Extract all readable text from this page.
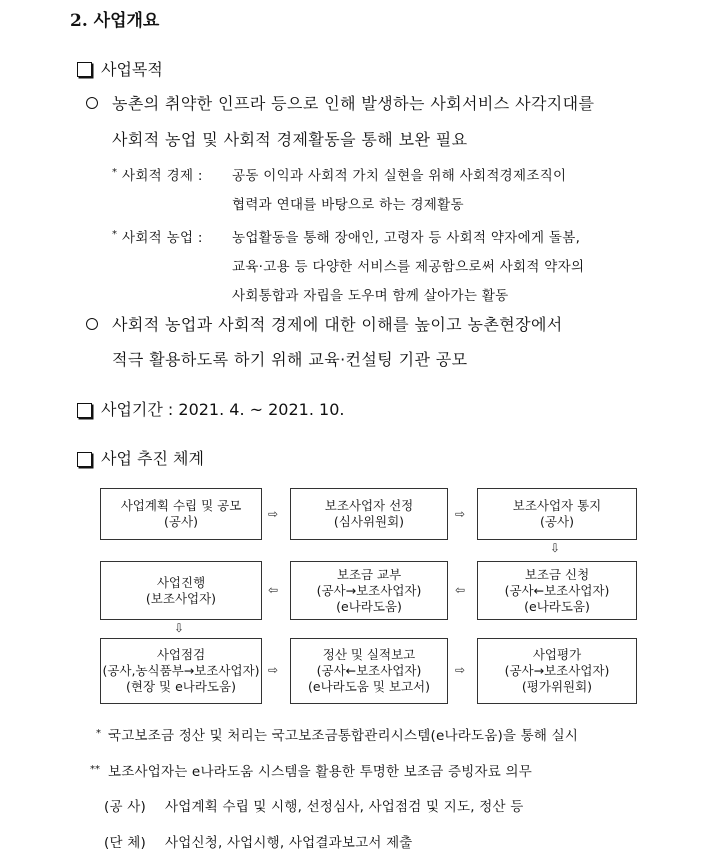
2. 사업개요
사업목적
농촌의 취약한 인프라 등으로 인해 발생하는 사회서비스 사각지대를
사회적 농업 및 사회적 경제활동을 통해 보완 필요
* 사회적 경제 : 공동 이익과 사회적 가치 실현을 위해 사회적경제조직이
협력과 연대를 바탕으로 하는 경제활동
* 사회적 농업 : 농업활동을 통해 장애인, 고령자 등 사회적 약자에게 돌봄,
교육·고용 등 다양한 서비스를 제공함으로써 사회적 약자의
사회통합과 자립을 도우며 함께 살아가는 활동
사회적 농업과 사회적 경제에 대한 이해를 높이고 농촌현장에서
적극 활용하도록 하기 위해 교육·컨설팅 기관 공모
사업기간 : 2021. 4. ~ 2021. 10.
사업 추진 체계
사업계획 수립 및 공모
(공사)	⇨
보조사업자 선정
(심사위원회)	⇨
보조사업자 통지
(공사)
⇩
사업진행
(보조사업자)
⇦
보조금 교부
(공사→보조사업자)
(e나라도움)
⇦
보조금 신청
(공사←보조사업자)
(e나라도움)
⇩
사업점검
(공사,농식품부→보조사업자)
(현장 및 e나라도움)
⇨
정산 및 실적보고
(공사←보조사업자)
(e나라도움 및 보고서)
⇨
사업평가
(공사→보조사업자)
(평가위원회)
* 국고보조금 정산 및 처리는 국고보조금통합관리시스템(e나라도움)을 통해 실시
** 보조사업자는 e나라도움 시스템을 활용한 투명한 보조금 증빙자료 의무
(공 사) 사업계획 수립 및 시행, 선정심사, 사업점검 및 지도, 정산 등
(단 체) 사업신청, 사업시행, 사업결과보고서 제출
